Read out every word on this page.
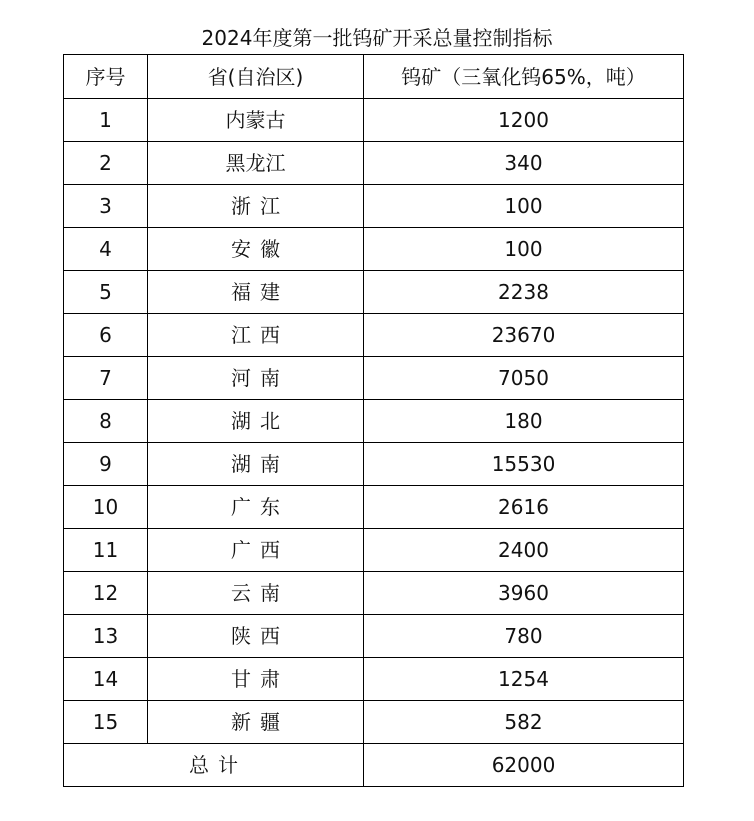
2024年度第一批钨矿开采总量控制指标
序号	省(自治区)	钨矿（三氧化钨65%，吨）
1	内蒙古	1200
2	黑龙江	340
3	浙江	100
4	安徽	100
5	福建	2238
6	江西	23670
7	河南	7050
8	湖北	180
9	湖南	15530
10	广东	2616
11	广西	2400
12	云南	3960
13	陕西	780
14	甘肃	1254
15	新疆	582
总计		62000
